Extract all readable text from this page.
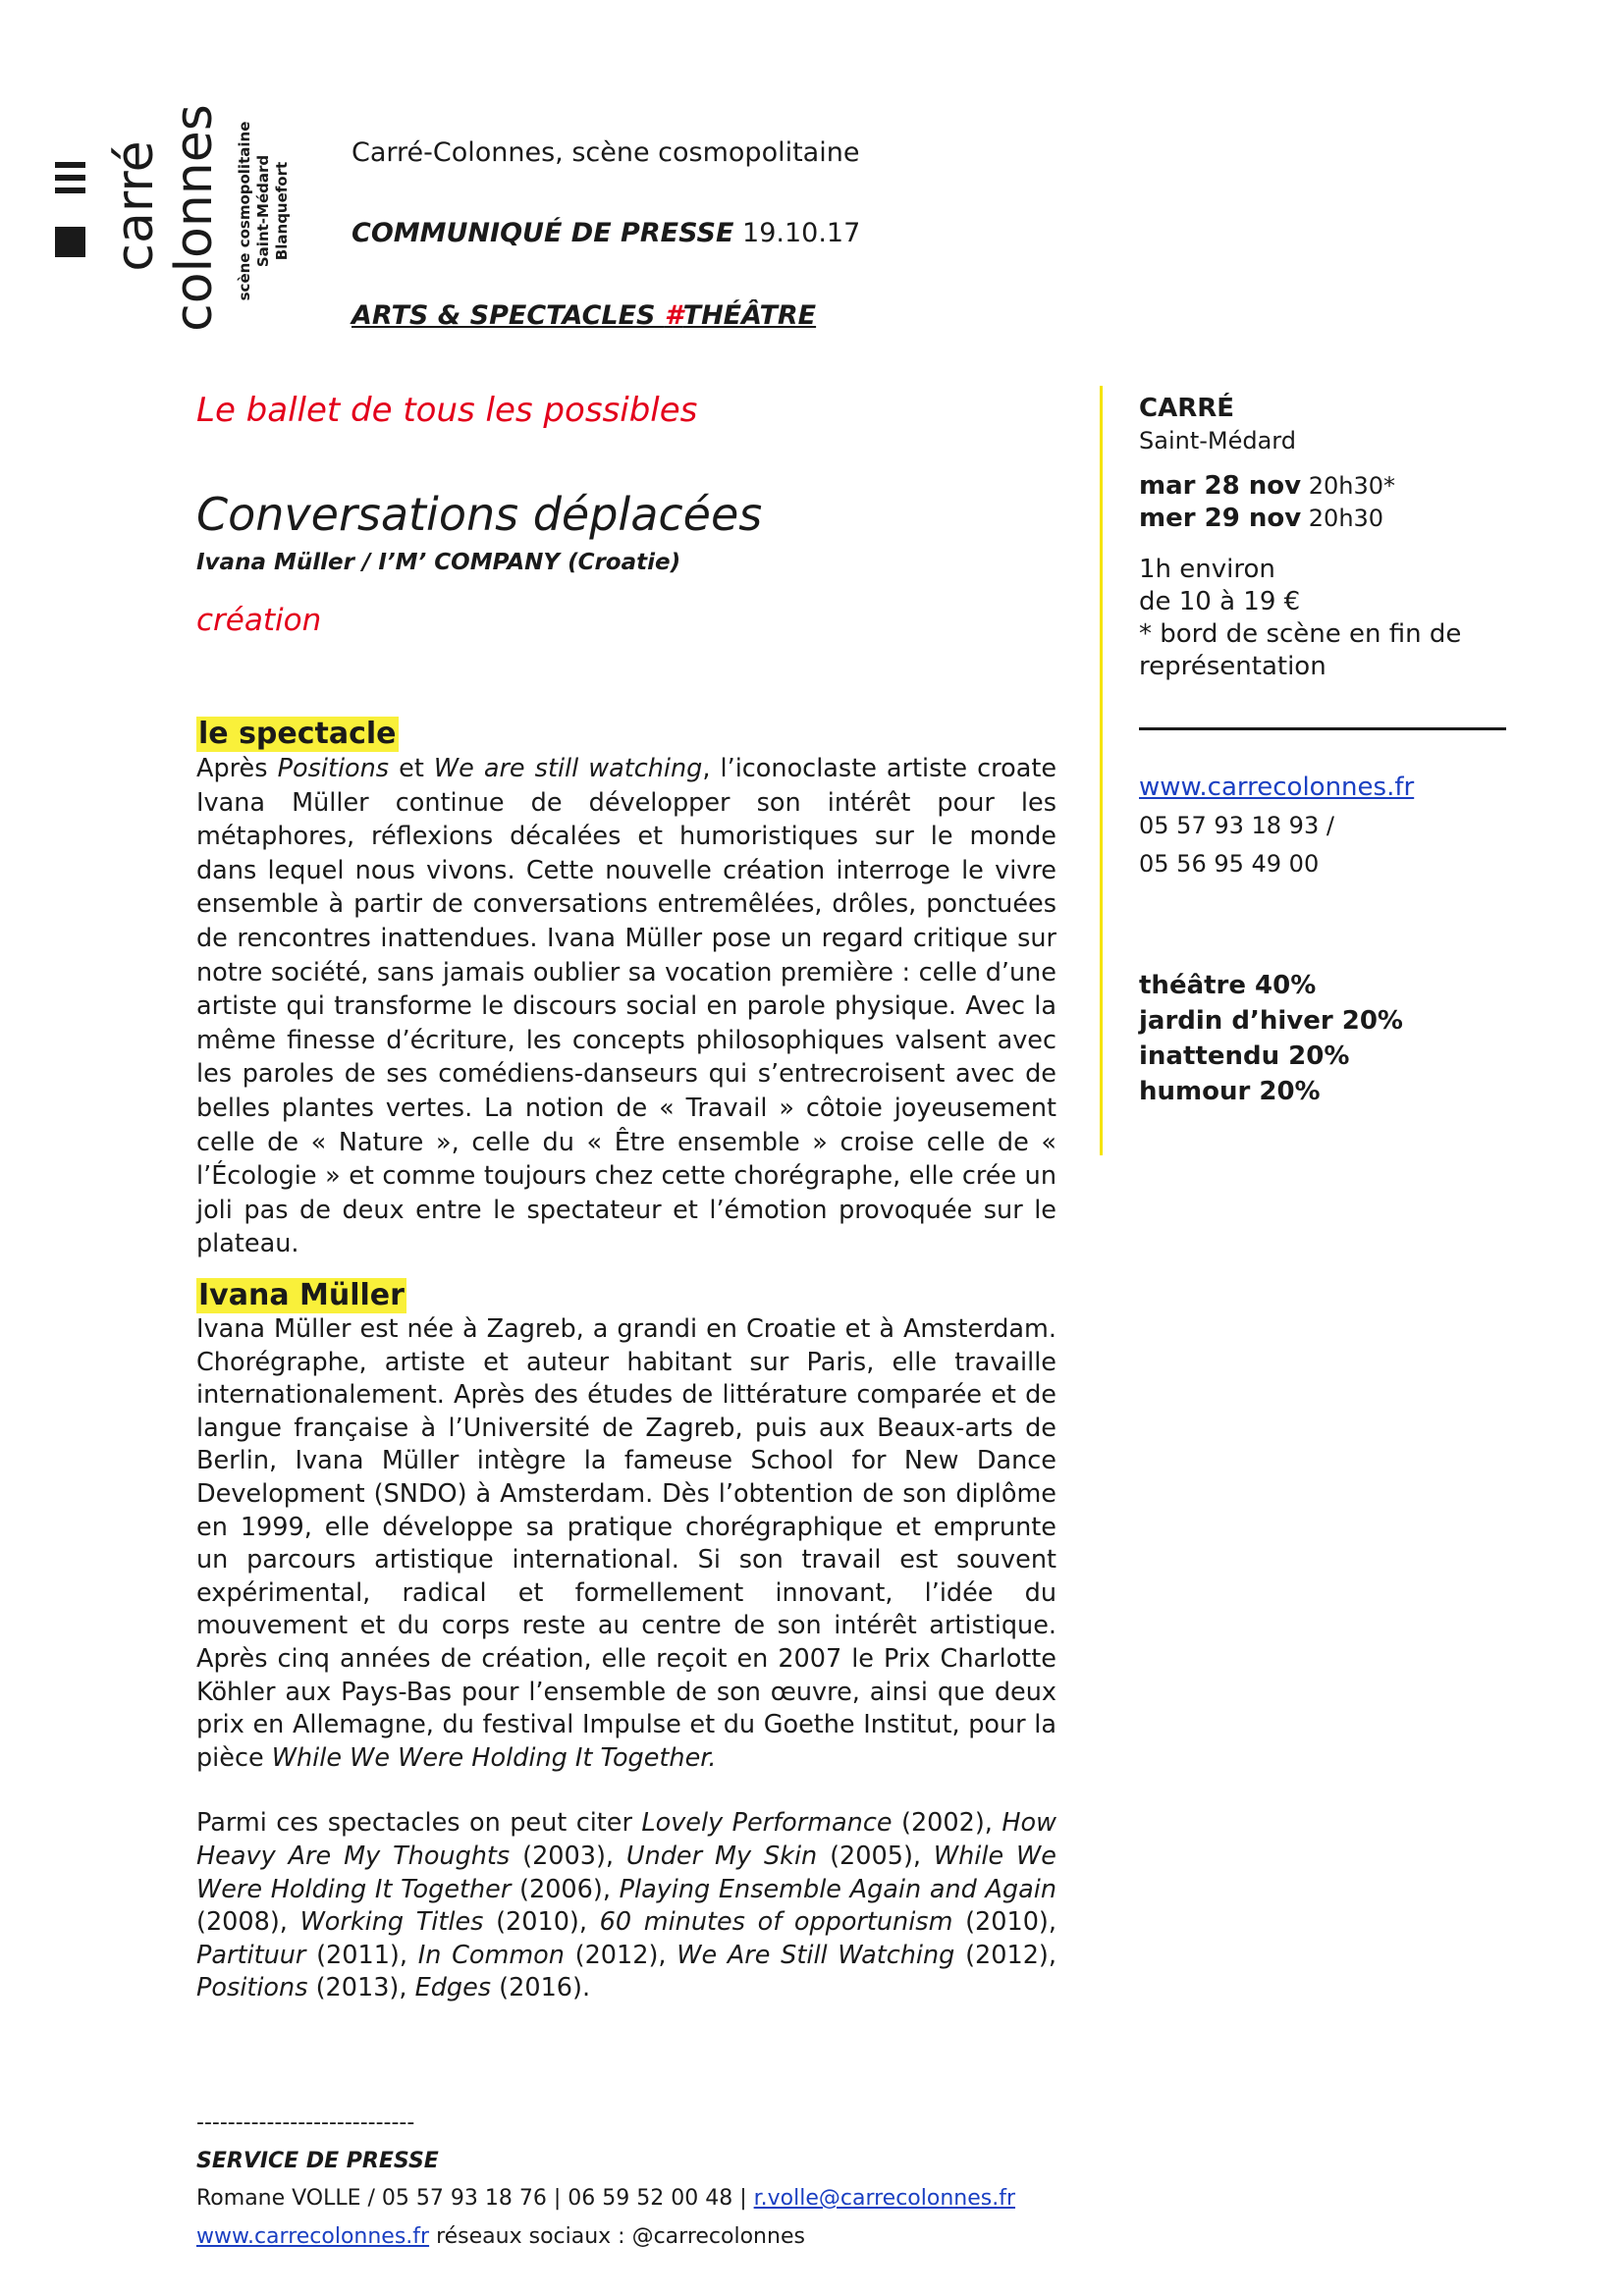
carré colonnes scène cosmopolitaine Saint-Médard Blanquefort
Carré-Colonnes, scène cosmopolitaine
COMMUNIQUÉ DE PRESSE 19.10.17
ARTS & SPECTACLES #THÉÂTRE
Le ballet de tous les possibles
Conversations déplacées
Ivana Müller / I’M’ COMPANY (Croatie)
création
le spectacle

Après Positions et We are still watching, l’iconoclaste artiste croate Ivana Müller continue de développer son intérêt pour les métaphores, réflexions décalées et humoristiques sur le monde dans lequel nous vivons. Cette nouvelle création interroge le vivre ensemble à partir de conversations entremêlées, drôles, ponctuées de rencontres inattendues. Ivana Müller pose un regard critique sur notre société, sans jamais oublier sa vocation première : celle d’une artiste qui transforme le discours social en parole physique. Avec la même finesse d’écriture, les concepts philosophiques valsent avec les paroles de ses comédiens-danseurs qui s’entrecroisent avec de belles plantes vertes. La notion de « Travail » côtoie joyeusement celle de « Nature », celle du « Être ensemble » croise celle de « l’Écologie » et comme toujours chez cette chorégraphe, elle crée un joli pas de deux entre le spectateur et l’émotion provoquée sur le plateau.

Ivana Müller

Ivana Müller est née à Zagreb, a grandi en Croatie et à Amsterdam. Chorégraphe, artiste et auteur habitant sur Paris, elle travaille internationalement. Après des études de littérature comparée et de langue française à l’Université de Zagreb, puis aux Beaux-arts de Berlin, Ivana Müller intègre la fameuse School for New Dance Development (SNDO) à Amsterdam. Dès l’obtention de son diplôme en 1999, elle développe sa pratique chorégraphique et emprunte un parcours artistique international. Si son travail est souvent expérimental, radical et formellement innovant, l’idée du mouvement et du corps reste au centre de son intérêt artistique. Après cinq années de création, elle reçoit en 2007 le Prix Charlotte Köhler aux Pays-Bas pour l’ensemble de son œuvre, ainsi que deux prix en Allemagne, du festival Impulse et du Goethe Institut, pour la pièce While We Were Holding It Together.

Parmi ces spectacles on peut citer Lovely Performance (2002), How Heavy Are My Thoughts (2003), Under My Skin (2005), While We Were Holding It Together (2006), Playing Ensemble Again and Again (2008), Working Titles (2010), 60 minutes of opportunism (2010), Partituur (2011), In Common (2012), We Are Still Watching (2012), Positions (2013), Edges (2016).

CARRÉ
Saint-Médard
mar 28 nov 20h30*
mer 29 nov 20h30
1h environ
de 10 à 19 €
* bord de scène en fin de
représentation
www.carrecolonnes.fr
05 57 93 18 93 /
05 56 95 49 00
théâtre 40%
jardin d’hiver 20%
inattendu 20%
humour 20%
----------------------------
SERVICE DE PRESSE
Romane VOLLE / 05 57 93 18 76 | 06 59 52 00 48 | r.volle@carrecolonnes.fr
www.carrecolonnes.fr réseaux sociaux : @carrecolonnes
